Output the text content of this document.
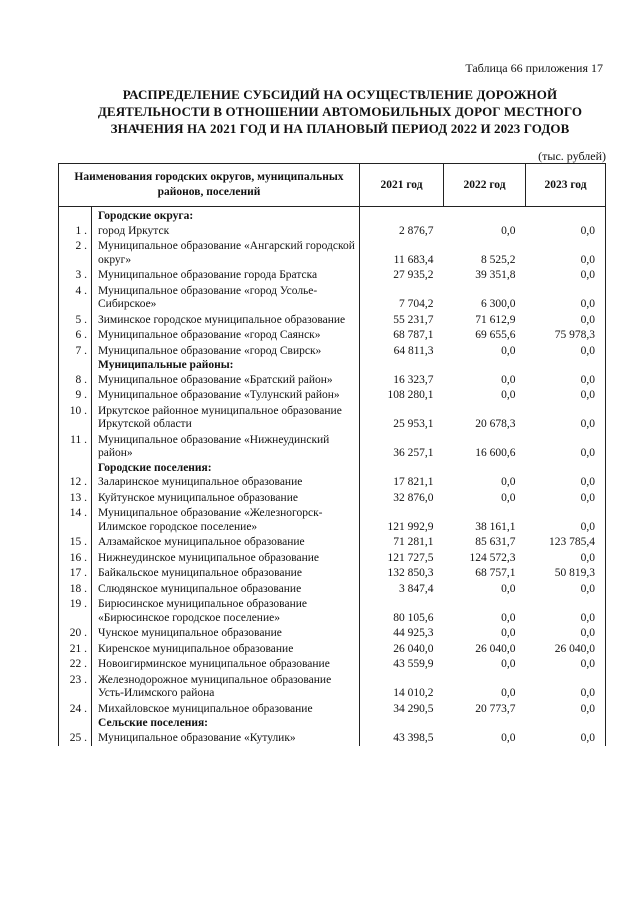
Таблица 66 приложения 17
РАСПРЕДЕЛЕНИЕ СУБСИДИЙ НА ОСУЩЕСТВЛЕНИЕ ДОРОЖНОЙ
ДЕЯТЕЛЬНОСТИ В ОТНОШЕНИИ АВТОМОБИЛЬНЫХ ДОРОГ МЕСТНОГО
ЗНАЧЕНИЯ НА 2021 ГОД И НА ПЛАНОВЫЙ ПЕРИОД 2022 И 2023 ГОДОВ
(тыс. рублей)
Наименования городских округов, муниципальных районов, поселений		2021 год	2022 год	2023 год
	Городские округа:			
1 .	город Иркутск	2 876,7	0,0	0,0
2 .	Муниципальное образование «Ангарский городской округ»	11 683,4	8 525,2	0,0
3 .	Муниципальное образование города Братска	27 935,2	39 351,8	0,0
4 .	Муниципальное образование «город Усолье-Сибирское»	7 704,2	6 300,0	0,0
5 .	Зиминское городское муниципальное образование	55 231,7	71 612,9	0,0
6 .	Муниципальное образование «город Саянск»	68 787,1	69 655,6	75 978,3
7 .	Муниципальное образование «город Свирск»	64 811,3	0,0	0,0
	Муниципальные районы:			
8 .	Муниципальное образование «Братский район»	16 323,7	0,0	0,0
9 .	Муниципальное образование «Тулунский район»	108 280,1	0,0	0,0
10 .	Иркутское районное муниципальное образование Иркутской области	25 953,1	20 678,3	0,0
11 .	Муниципальное образование «Нижнеудинский район»	36 257,1	16 600,6	0,0
	Городские поселения:			
12 .	Заларинское муниципальное образование	17 821,1	0,0	0,0
13 .	Куйтунское муниципальное образование	32 876,0	0,0	0,0
14 .	Муниципальное образование «Железногорск-Илимское городское поселение»	121 992,9	38 161,1	0,0
15 .	Алзамайское муниципальное образование	71 281,1	85 631,7	123 785,4
16 .	Нижнеудинское муниципальное образование	121 727,5	124 572,3	0,0
17 .	Байкальское муниципальное образование	132 850,3	68 757,1	50 819,3
18 .	Слюдянское муниципальное образование	3 847,4	0,0	0,0
19 .	Бирюсинское муниципальное образование «Бирюсинское городское поселение»	80 105,6	0,0	0,0
20 .	Чунское муниципальное образование	44 925,3	0,0	0,0
21 .	Киренское муниципальное образование	26 040,0	26 040,0	26 040,0
22 .	Новоигирминское муниципальное образование	43 559,9	0,0	0,0
23 .	Железнодорожное муниципальное образование Усть-Илимского района	14 010,2	0,0	0,0
24 .	Михайловское муниципальное образование	34 290,5	20 773,7	0,0
	Сельские поселения:			
25 .	Муниципальное образование «Кутулик»	43 398,5	0,0	0,0
